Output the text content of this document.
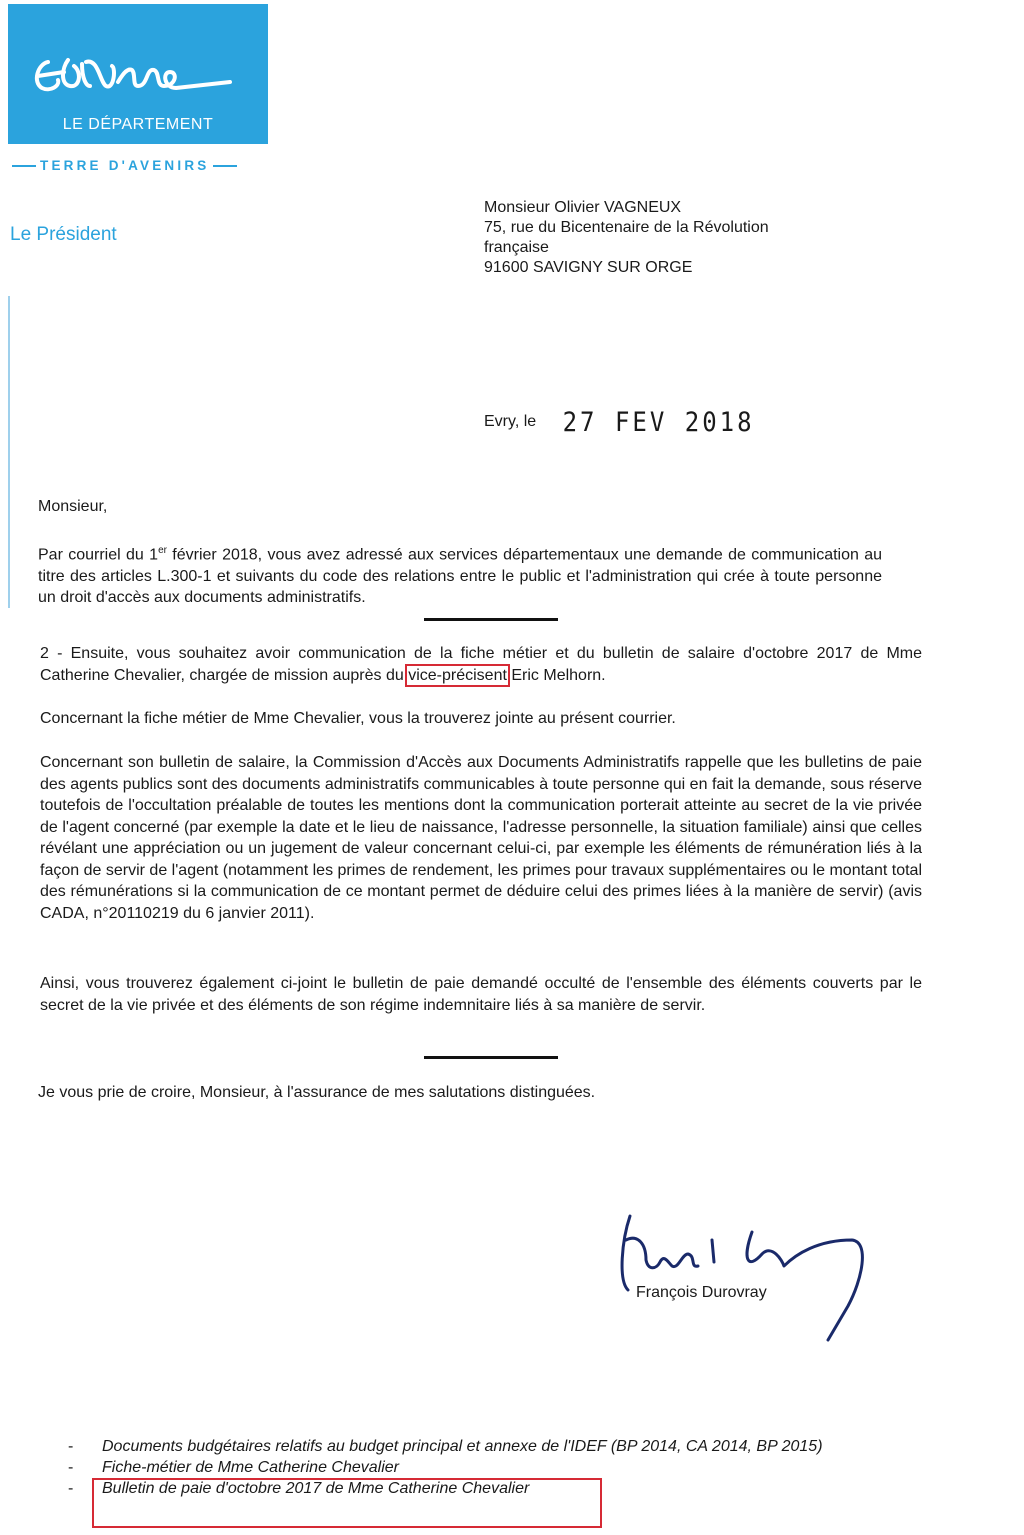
LE DÉPARTEMENT
TERRE D'AVENIRS
Le Président
Monsieur Olivier VAGNEUX
75, rue du Bicentenaire de la Révolution
française
91600 SAVIGNY SUR ORGE
Evry, le 27 FEV 2018
Monsieur,

Par courriel du 1er février 2018, vous avez adressé aux services départementaux une demande de communication au titre des articles L.300-1 et suivants du code des relations entre le public et l'administration qui crée à toute personne un droit d'accès aux documents administratifs.

2 - Ensuite, vous souhaitez avoir communication de la fiche métier et du bulletin de salaire d'octobre 2017 de Mme Catherine Chevalier, chargée de mission auprès du vice-précisent Eric Melhorn.

Concernant la fiche métier de Mme Chevalier, vous la trouverez jointe au présent courrier.

Concernant son bulletin de salaire, la Commission d'Accès aux Documents Administratifs rappelle que les bulletins de paie des agents publics sont des documents administratifs communicables à toute personne qui en fait la demande, sous réserve toutefois de l'occultation préalable de toutes les mentions dont la communication porterait atteinte au secret de la vie privée de l'agent concerné (par exemple la date et le lieu de naissance, l'adresse personnelle, la situation familiale) ainsi que celles révélant une appréciation ou un jugement de valeur concernant celui-ci, par exemple les éléments de rémunération liés à la façon de servir de l'agent (notamment les primes de rendement, les primes pour travaux supplémentaires ou le montant total des rémunérations si la communication de ce montant permet de déduire celui des primes liées à la manière de servir) (avis CADA, n°20110219 du 6 janvier 2011).

Ainsi, vous trouverez également ci-joint le bulletin de paie demandé occulté de l'ensemble des éléments couverts par le secret de la vie privée et des éléments de son régime indemnitaire liés à sa manière de servir.

Je vous prie de croire, Monsieur, à l'assurance de mes salutations distinguées.
François Durovray
- Documents budgétaires relatifs au budget principal et annexe de l'IDEF (BP 2014, CA 2014, BP 2015)
- Fiche-métier de Mme Catherine Chevalier
- Bulletin de paie d'octobre 2017 de Mme Catherine Chevalier
